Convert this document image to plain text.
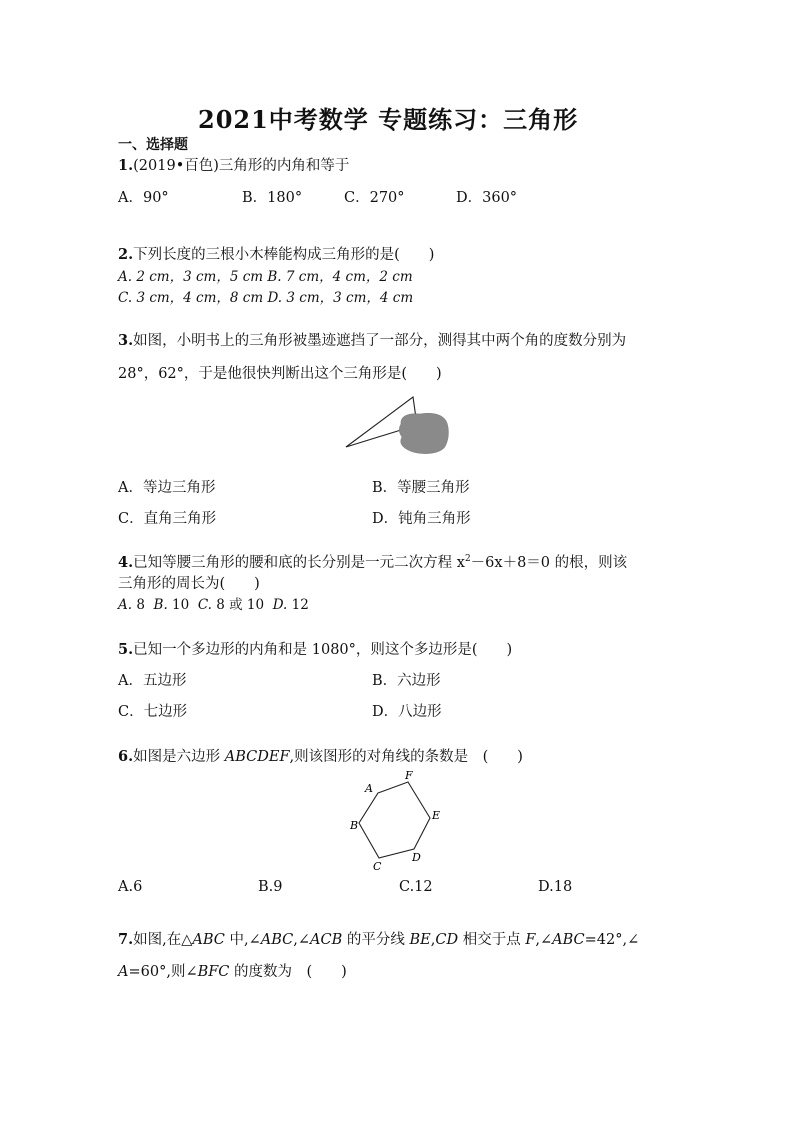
2021中考数学 专题练习：三角形
一、选择题
1.(2019•百色)三角形的内角和等于
A．90°	B．180°	C．270°	D．360°
2.下列长度的三根小木棒能构成三角形的是(　　)
A. 2 cm，3 cm，5 cm B. 7 cm，4 cm，2 cm
C. 3 cm，4 cm，8 cm D. 3 cm，3 cm，4 cm
3.如图，小明书上的三角形被墨迹遮挡了一部分，测得其中两个角的度数分别为
28°，62°，于是他很快判断出这个三角形是(　　)
A．等边三角形	B．等腰三角形
C．直角三角形	D．钝角三角形
4.已知等腰三角形的腰和底的长分别是一元二次方程 $x^2-6x+8=0$ 的根，则该
三角形的周长为(　　)
A. 8 B. 10 C. 8 或 10 D. 12
5.已知一个多边形的内角和是 1080°，则这个多边形是(　　)
A．五边形	B．六边形
C．七边形	D．八边形
6.如图是六边形 ABCDEF,则该图形的对角线的条数是　(　　)
A
F
E
D
C
B
A.6	B.9	C.12	D.18
7.如图,在△ABC 中,∠ABC,∠ACB 的平分线 BE,CD 相交于点 F,∠ABC=42°,∠
A=60°,则∠BFC 的度数为　(　　)
